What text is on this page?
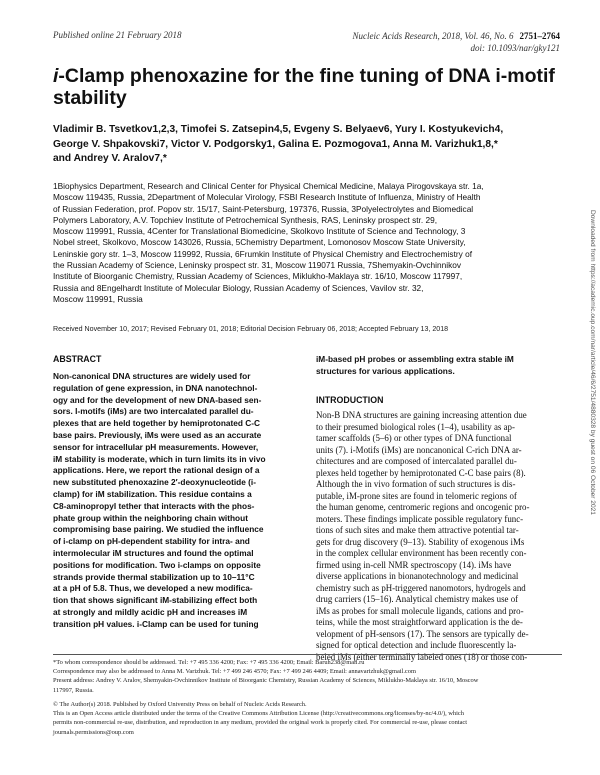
Published online 21 February 2018	Nucleic Acids Research, 2018, Vol. 46, No. 6 2751–2764
doi: 10.1093/nar/gky121
i-Clamp phenoxazine for the fine tuning of DNA i-motif stability
Vladimir B. Tsvetkov1,2,3, Timofei S. Zatsepin4,5, Evgeny S. Belyaev6, Yury I. Kostyukevich4,
George V. Shpakovski7, Victor V. Podgorsky1, Galina E. Pozmogova1, Anna M. Varizhuk1,8,*
and Andrey V. Aralov7,*
1Biophysics Department, Research and Clinical Center for Physical Chemical Medicine, Malaya Pirogovskaya str. 1a,
Moscow 119435, Russia, 2Department of Molecular Virology, FSBI Research Institute of Influenza, Ministry of Health
of Russian Federation, prof. Popov str. 15/17, Saint-Petersburg, 197376, Russia, 3Polyelectrolytes and Biomedical
Polymers Laboratory, A.V. Topchiev Institute of Petrochemical Synthesis, RAS, Leninsky prospect str. 29,
Moscow 119991, Russia, 4Center for Translational Biomedicine, Skolkovo Institute of Science and Technology, 3
Nobel street, Skolkovo, Moscow 143026, Russia, 5Chemistry Department, Lomonosov Moscow State University,
Leninskie gory str. 1–3, Moscow 119992, Russia, 6Frumkin Institute of Physical Chemistry and Electrochemistry of
the Russian Academy of Science, Leninsky prospect str. 31, Moscow 119071 Russia, 7Shemyakin-Ovchinnikov
Institute of Bioorganic Chemistry, Russian Academy of Sciences, Miklukho-Maklaya str. 16/10, Moscow 117997,
Russia and 8Engelhardt Institute of Molecular Biology, Russian Academy of Sciences, Vavilov str. 32,
Moscow 119991, Russia
Received November 10, 2017; Revised February 01, 2018; Editorial Decision February 06, 2018; Accepted February 13, 2018
ABSTRACT
Non-canonical DNA structures are widely used for
regulation of gene expression, in DNA nanotechnol-
ogy and for the development of new DNA-based sen-
sors. I-motifs (iMs) are two intercalated parallel du-
plexes that are held together by hemiprotonated C-C
base pairs. Previously, iMs were used as an accurate
sensor for intracellular pH measurements. However,
iM stability is moderate, which in turn limits its in vivo
applications. Here, we report the rational design of a
new substituted phenoxazine 2′-deoxynucleotide (i-
clamp) for iM stabilization. This residue contains a
C8-aminopropyl tether that interacts with the phos-
phate group within the neighboring chain without
compromising base pairing. We studied the influence
of i-clamp on pH-dependent stability for intra- and
intermolecular iM structures and found the optimal
positions for modification. Two i-clamps on opposite
strands provide thermal stabilization up to 10–11°C
at a pH of 5.8. Thus, we developed a new modifica-
tion that shows significant iM-stabilizing effect both
at strongly and mildly acidic pH and increases iM
transition pH values. i-Clamp can be used for tuning
iM-based pH probes or assembling extra stable iM
structures for various applications.
INTRODUCTION
Non-B DNA structures are gaining increasing attention due
to their presumed biological roles (1–4), usability as ap-
tamer scaffolds (5–6) or other types of DNA functional
units (7). i-Motifs (iMs) are noncanonical C-rich DNA ar-
chitectures and are composed of intercalated parallel du-
plexes held together by hemiprotonated C-C base pairs (8).
Although the in vivo formation of such structures is dis-
putable, iM-prone sites are found in telomeric regions of
the human genome, centromeric regions and oncogenic pro-
moters. These findings implicate possible regulatory func-
tions of such sites and make them attractive potential tar-
gets for drug discovery (9–13). Stability of exogenous iMs
in the complex cellular environment has been recently con-
firmed using in-cell NMR spectroscopy (14). iMs have
diverse applications in bionanotechnology and medicinal
chemistry such as pH-triggered nanomotors, hydrogels and
drug carriers (15–16). Analytical chemistry makes use of
iMs as probes for small molecule ligands, cations and pro-
teins, while the most straightforward application is the de-
velopment of pH-sensors (17). The sensors are typically de-
signed for optical detection and include fluorescently la-
beled iMs (either terminally labeled ones (18) or those con-
*To whom correspondence should be addressed. Tel: +7 495 336 4200; Fax: +7 495 336 4200; Email: Baruh238@mail.ru
Correspondence may also be addressed to Anna M. Varizhuk. Tel: +7 499 246 4570; Fax: +7 499 246 4409; Email: annavarizhuk@gmail.com
Present address: Andrey V. Aralov, Shemyakin-Ovchinnikov Institute of Bioorganic Chemistry, Russian Academy of Sciences, Miklukho-Maklaya str. 16/10, Moscow
117997, Russia.
© The Author(s) 2018. Published by Oxford University Press on behalf of Nucleic Acids Research.
This is an Open Access article distributed under the terms of the Creative Commons Attribution License (http://creativecommons.org/licenses/by-nc/4.0/), which
permits non-commercial re-use, distribution, and reproduction in any medium, provided the original work is properly cited. For commercial re-use, please contact
journals.permissions@oup.com
Downloaded from https://academic.oup.com/nar/article/46/6/2751/4880328 by guest on 06 October 2021
